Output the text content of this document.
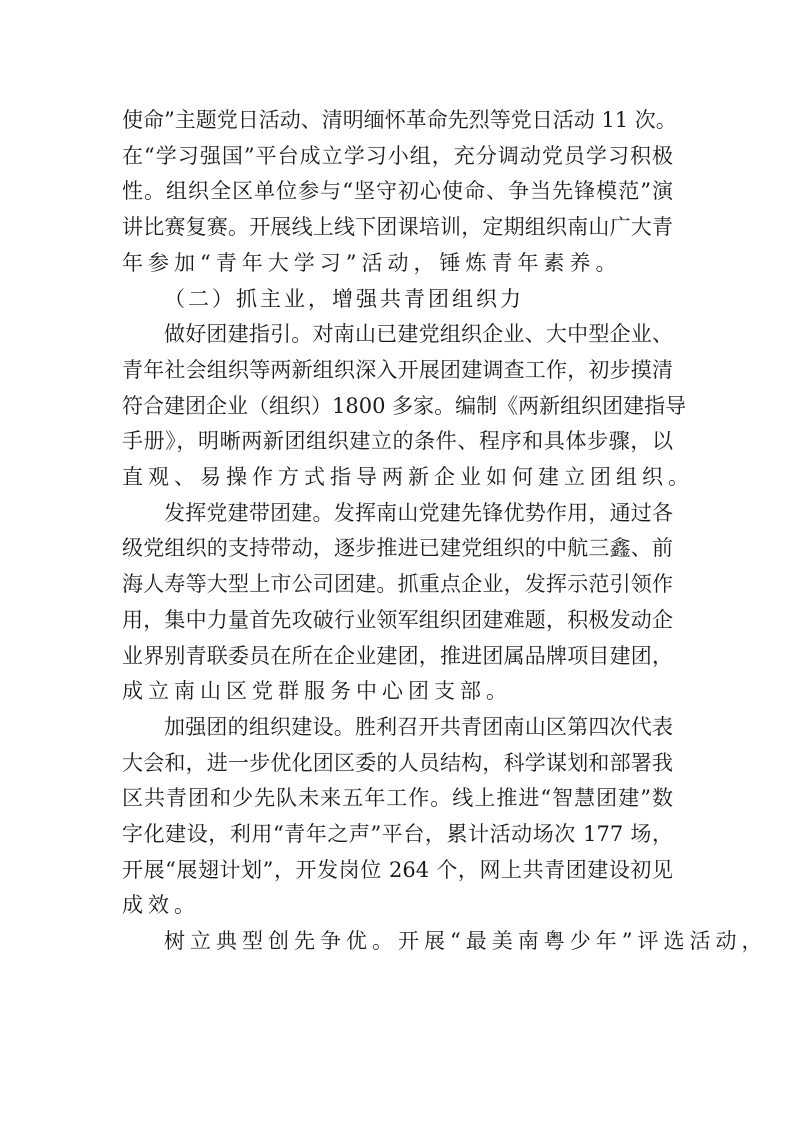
使命”主题党日活动、清明缅怀革命先烈等党日活动 11 次。
在“学习强国”平台成立学习小组，充分调动党员学习积极
性。组织全区单位参与“坚守初心使命、争当先锋模范”演
讲比赛复赛。开展线上线下团课培训，定期组织南山广大青
年参加“青年大学习”活动，锤炼青年素养。

（二）抓主业，增强共青团组织力

做好团建指引。对南山已建党组织企业、大中型企业、
青年社会组织等两新组织深入开展团建调查工作，初步摸清
符合建团企业（组织）1800 多家。编制《两新组织团建指导
手册》，明晰两新团组织建立的条件、程序和具体步骤，以
直观、易操作方式指导两新企业如何建立团组织。

发挥党建带团建。发挥南山党建先锋优势作用，通过各
级党组织的支持带动，逐步推进已建党组织的中航三鑫、前
海人寿等大型上市公司团建。抓重点企业，发挥示范引领作
用，集中力量首先攻破行业领军组织团建难题，积极发动企
业界别青联委员在所在企业建团，推进团属品牌项目建团，
成立南山区党群服务中心团支部。

加强团的组织建设。胜利召开共青团南山区第四次代表
大会和，进一步优化团区委的人员结构，科学谋划和部署我
区共青团和少先队未来五年工作。线上推进“智慧团建”数
字化建设，利用“青年之声”平台，累计活动场次 177 场，
开展“展翅计划”，开发岗位 264 个，网上共青团建设初见
成效。

树立典型创先争优。开展“最美南粤少年”评选活动，
